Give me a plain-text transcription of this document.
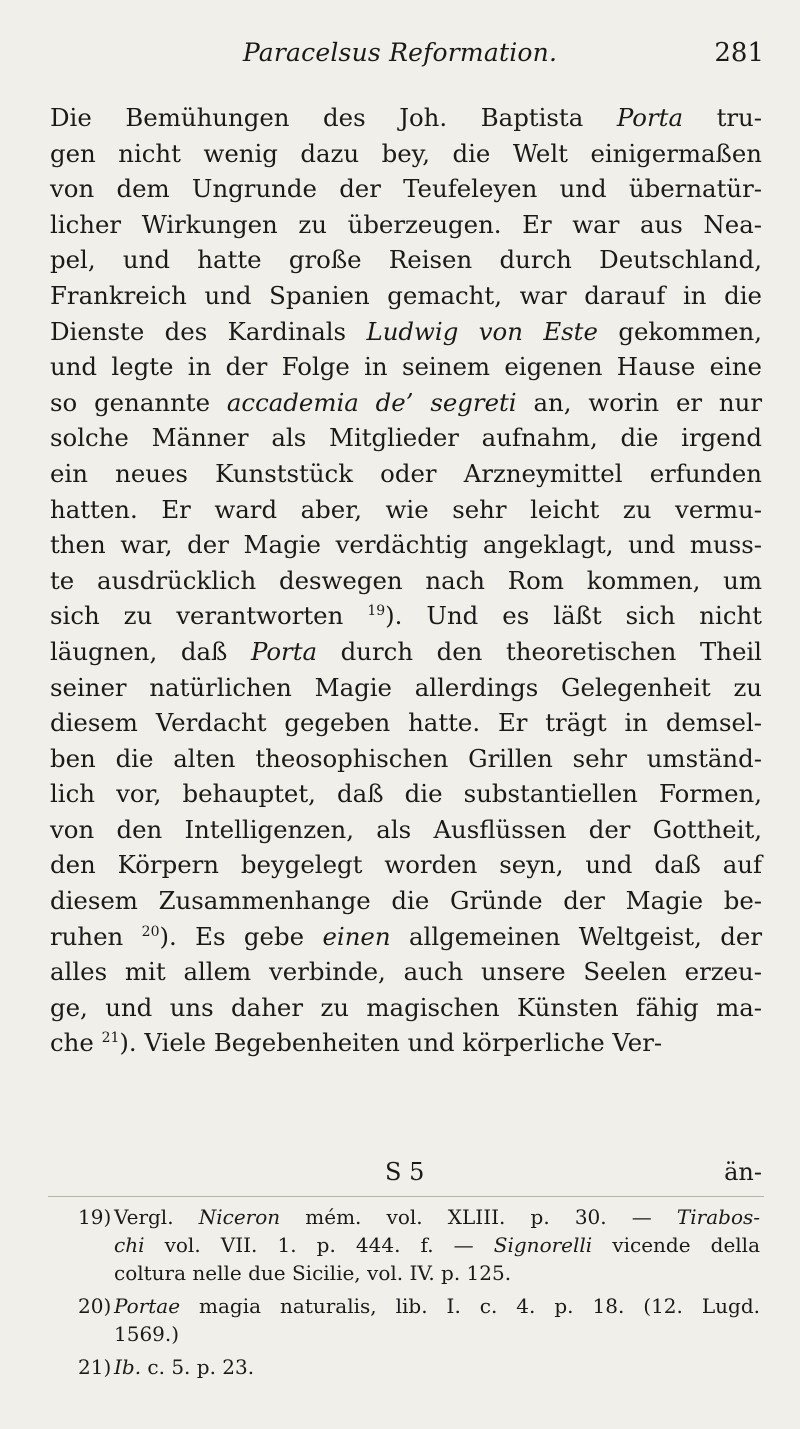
Paracelsus Reformation.	281
Die Bemühungen des Joh. Baptista Porta tru-
gen nicht wenig dazu bey, die Welt einigermaßen
von dem Ungrunde der Teufeleyen und übernatür-
licher Wirkungen zu überzeugen. Er war aus Nea-
pel, und hatte große Reisen durch Deutschland,
Frankreich und Spanien gemacht, war darauf in die
Dienste des Kardinals Ludwig von Este gekommen,
und legte in der Folge in seinem eigenen Hause eine
so genannte accademia de’ segreti an, worin er nur
solche Männer als Mitglieder aufnahm, die irgend
ein neues Kunststück oder Arzneymittel erfunden
hatten. Er ward aber, wie sehr leicht zu vermu-
then war, der Magie verdächtig angeklagt, und muss-
te ausdrücklich deswegen nach Rom kommen, um
sich zu verantworten $^{19}$). Und es läßt sich nicht
läugnen, daß Porta durch den theoretischen Theil
seiner natürlichen Magie allerdings Gelegenheit zu
diesem Verdacht gegeben hatte. Er trägt in demsel-
ben die alten theosophischen Grillen sehr umständ-
lich vor, behauptet, daß die substantiellen Formen,
von den Intelligenzen, als Ausflüssen der Gottheit,
den Körpern beygelegt worden seyn, und daß auf
diesem Zusammenhange die Gründe der Magie be-
ruhen $^{20}$). Es gebe einen allgemeinen Weltgeist, der
alles mit allem verbinde, auch unsere Seelen erzeu-
ge, und uns daher zu magischen Künsten fähig ma-
che $^{21}$). Viele Begebenheiten und körperliche Ver-
S 5	än-
19) Vergl. Niceron mém. vol. XLIII. p. 30. — Tirabos-
chi vol. VII. 1. p. 444. f. — Signorelli vicende della
coltura nelle due Sicilie, vol. IV. p. 125.
20) Portae magia naturalis, lib. I. c. 4. p. 18. (12. Lugd.
1569.)
21) Ib. c. 5. p. 23.
